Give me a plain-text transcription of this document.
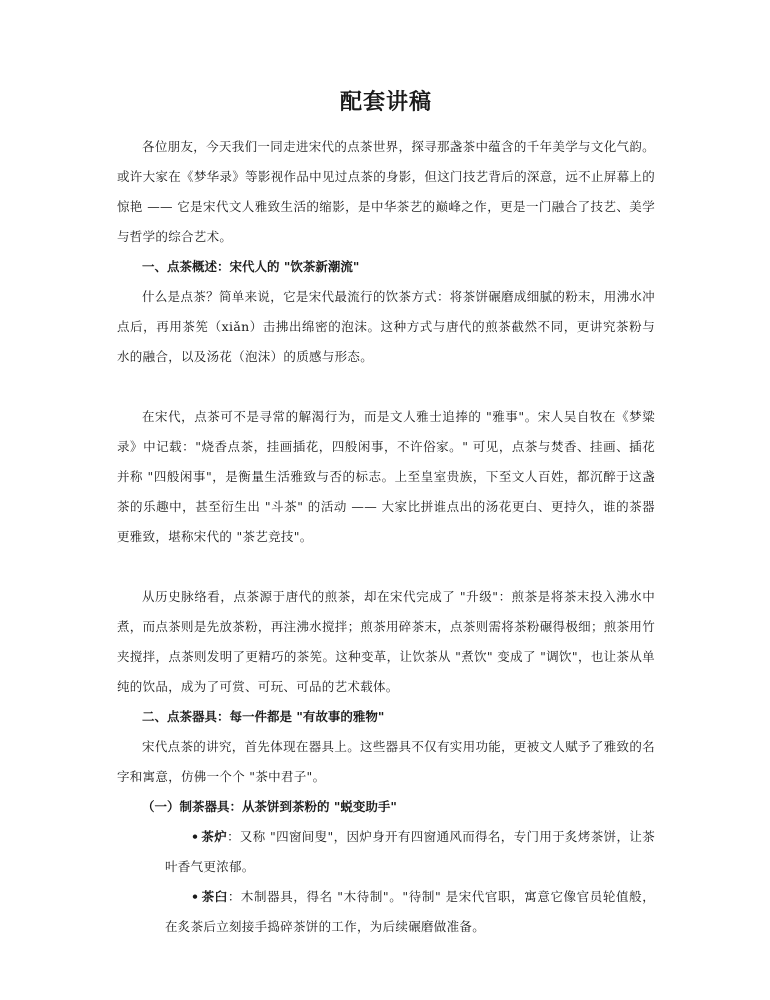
配套讲稿

各位朋友，今天我们一同走进宋代的点茶世界，探寻那盏茶中蕴含的千年美学与文化气韵。或许大家在《梦华录》等影视作品中见过点茶的身影，但这门技艺背后的深意，远不止屏幕上的惊艳 —— 它是宋代文人雅致生活的缩影，是中华茶艺的巅峰之作，更是一门融合了技艺、美学与哲学的综合艺术。

一、点茶概述：宋代人的 "饮茶新潮流"

什么是点茶？简单来说，它是宋代最流行的饮茶方式：将茶饼碾磨成细腻的粉末，用沸水冲点后，再用茶筅（xiǎn）击拂出绵密的泡沫。这种方式与唐代的煎茶截然不同，更讲究茶粉与水的融合，以及汤花（泡沫）的质感与形态。

在宋代，点茶可不是寻常的解渴行为，而是文人雅士追捧的 "雅事"。宋人吴自牧在《梦粱录》中记载："烧香点茶，挂画插花，四般闲事，不许俗家。" 可见，点茶与焚香、挂画、插花并称 "四般闲事"，是衡量生活雅致与否的标志。上至皇室贵族，下至文人百姓，都沉醉于这盏茶的乐趣中，甚至衍生出 "斗茶" 的活动 —— 大家比拼谁点出的汤花更白、更持久，谁的茶器更雅致，堪称宋代的 "茶艺竞技"。

从历史脉络看，点茶源于唐代的煎茶，却在宋代完成了 "升级"：煎茶是将茶末投入沸水中煮，而点茶则是先放茶粉，再注沸水搅拌；煎茶用碎茶末，点茶则需将茶粉碾得极细；煎茶用竹夹搅拌，点茶则发明了更精巧的茶筅。这种变革，让饮茶从 "煮饮" 变成了 "调饮"，也让茶从单纯的饮品，成为了可赏、可玩、可品的艺术载体。

二、点茶器具：每一件都是 "有故事的雅物"

宋代点茶的讲究，首先体现在器具上。这些器具不仅有实用功能，更被文人赋予了雅致的名字和寓意，仿佛一个个 "茶中君子"。

（一）制茶器具：从茶饼到茶粉的 "蜕变助手"

• 茶炉：又称 "四窗间叟"，因炉身开有四窗通风而得名，专门用于炙烤茶饼，让茶叶香气更浓郁。

• 茶臼：木制器具，得名 "木待制"。"待制" 是宋代官职，寓意它像官员轮值般，在炙茶后立刻接手捣碎茶饼的工作，为后续碾磨做准备。
